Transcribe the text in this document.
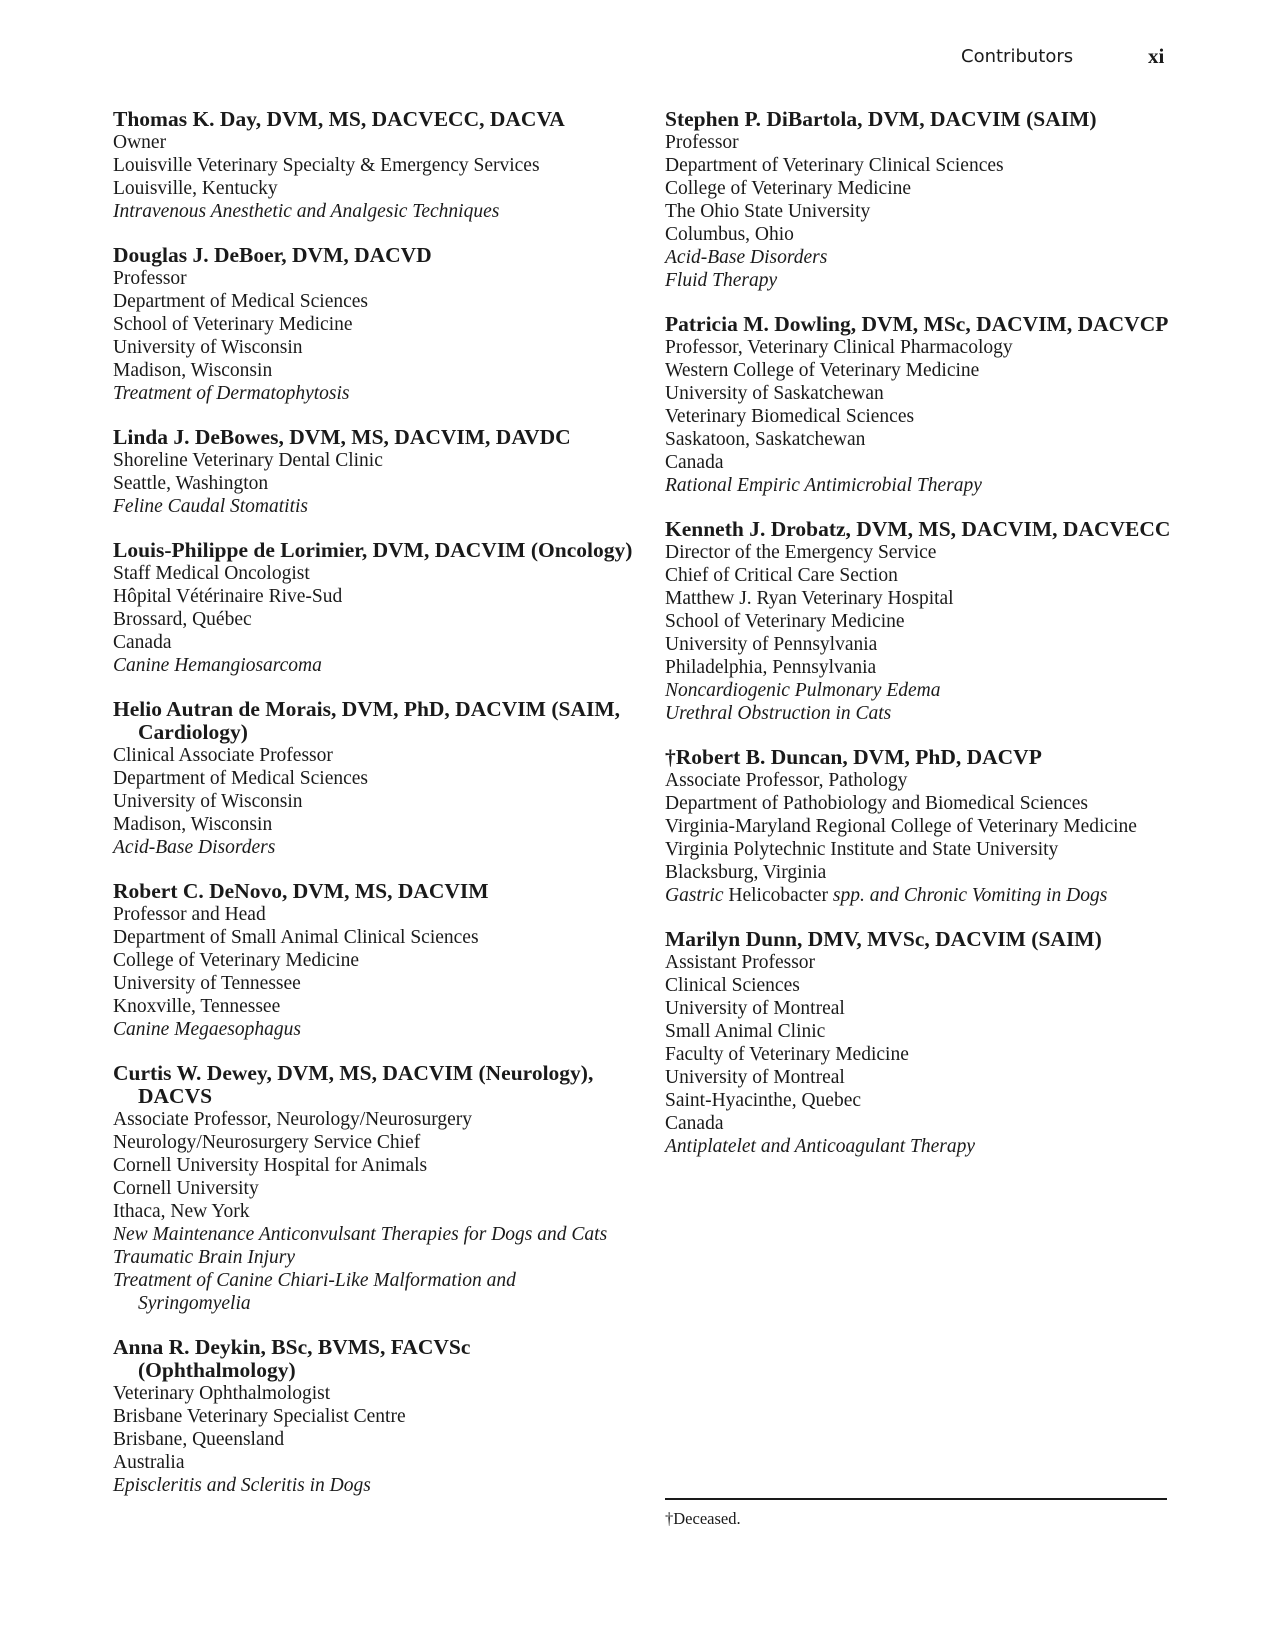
Contributors	xi
Thomas K. Day, DVM, MS, DACVECC, DACVA
Owner
Louisville Veterinary Specialty & Emergency Services
Louisville, Kentucky
Intravenous Anesthetic and Analgesic Techniques
Douglas J. DeBoer, DVM, DACVD
Professor
Department of Medical Sciences
School of Veterinary Medicine
University of Wisconsin
Madison, Wisconsin
Treatment of Dermatophytosis
Linda J. DeBowes, DVM, MS, DACVIM, DAVDC
Shoreline Veterinary Dental Clinic
Seattle, Washington
Feline Caudal Stomatitis
Louis-Philippe de Lorimier, DVM, DACVIM (Oncology)
Staff Medical Oncologist
Hôpital Vétérinaire Rive-Sud
Brossard, Québec
Canada
Canine Hemangiosarcoma
Helio Autran de Morais, DVM, PhD, DACVIM (SAIM, Cardiology)
Clinical Associate Professor
Department of Medical Sciences
University of Wisconsin
Madison, Wisconsin
Acid-Base Disorders
Robert C. DeNovo, DVM, MS, DACVIM
Professor and Head
Department of Small Animal Clinical Sciences
College of Veterinary Medicine
University of Tennessee
Knoxville, Tennessee
Canine Megaesophagus
Curtis W. Dewey, DVM, MS, DACVIM (Neurology), DACVS
Associate Professor, Neurology/Neurosurgery
Neurology/Neurosurgery Service Chief
Cornell University Hospital for Animals
Cornell University
Ithaca, New York
New Maintenance Anticonvulsant Therapies for Dogs and Cats
Traumatic Brain Injury
Treatment of Canine Chiari-Like Malformation and Syringomyelia
Anna R. Deykin, BSc, BVMS, FACVSc (Ophthalmology)
Veterinary Ophthalmologist
Brisbane Veterinary Specialist Centre
Brisbane, Queensland
Australia
Episcleritis and Scleritis in Dogs
Stephen P. DiBartola, DVM, DACVIM (SAIM)
Professor
Department of Veterinary Clinical Sciences
College of Veterinary Medicine
The Ohio State University
Columbus, Ohio
Acid-Base Disorders
Fluid Therapy
Patricia M. Dowling, DVM, MSc, DACVIM, DACVCP
Professor, Veterinary Clinical Pharmacology
Western College of Veterinary Medicine
University of Saskatchewan
Veterinary Biomedical Sciences
Saskatoon, Saskatchewan
Canada
Rational Empiric Antimicrobial Therapy
Kenneth J. Drobatz, DVM, MS, DACVIM, DACVECC
Director of the Emergency Service
Chief of Critical Care Section
Matthew J. Ryan Veterinary Hospital
School of Veterinary Medicine
University of Pennsylvania
Philadelphia, Pennsylvania
Noncardiogenic Pulmonary Edema
Urethral Obstruction in Cats
†Robert B. Duncan, DVM, PhD, DACVP
Associate Professor, Pathology
Department of Pathobiology and Biomedical Sciences
Virginia-Maryland Regional College of Veterinary Medicine
Virginia Polytechnic Institute and State University
Blacksburg, Virginia
Gastric Helicobacter spp. and Chronic Vomiting in Dogs
Marilyn Dunn, DMV, MVSc, DACVIM (SAIM)
Assistant Professor
Clinical Sciences
University of Montreal
Small Animal Clinic
Faculty of Veterinary Medicine
University of Montreal
Saint-Hyacinthe, Quebec
Canada
Antiplatelet and Anticoagulant Therapy
†Deceased.
